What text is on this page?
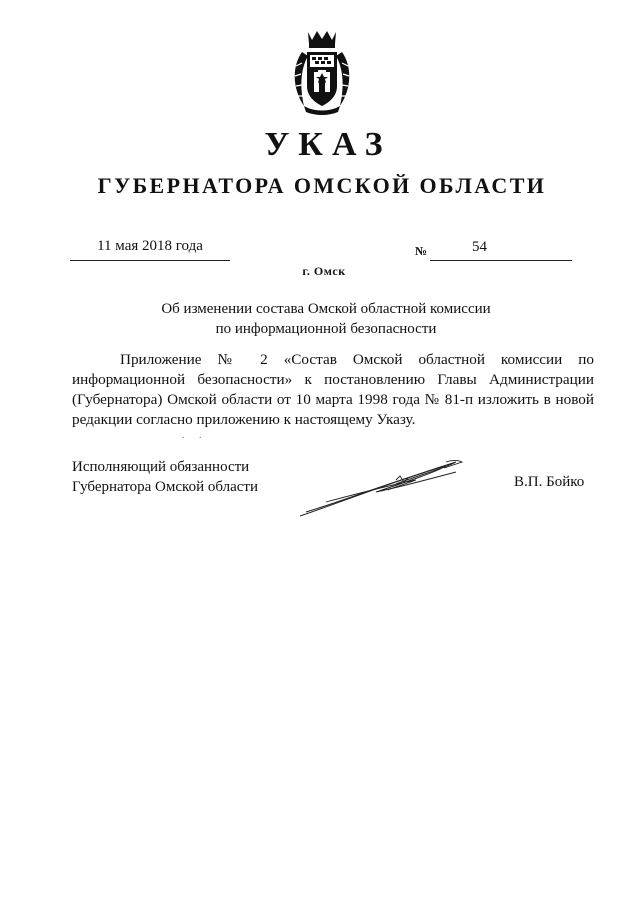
УКАЗ
ГУБЕРНАТОРА ОМСКОЙ ОБЛАСТИ
11 мая 2018 года	№	54
г. Омск
Об изменении состава Омской областной комиссии
по информационной безопасности
Приложение № 2 «Состав Омской областной комиссии по информационной безопасности» к постановлению Главы Администрации (Губернатора) Омской области от 10 марта 1998 года № 81-п изложить в новой редакции согласно приложению к настоящему Указу.
. .
Исполняющий обязанности
Губернатора Омской области	В.П. Бойко
